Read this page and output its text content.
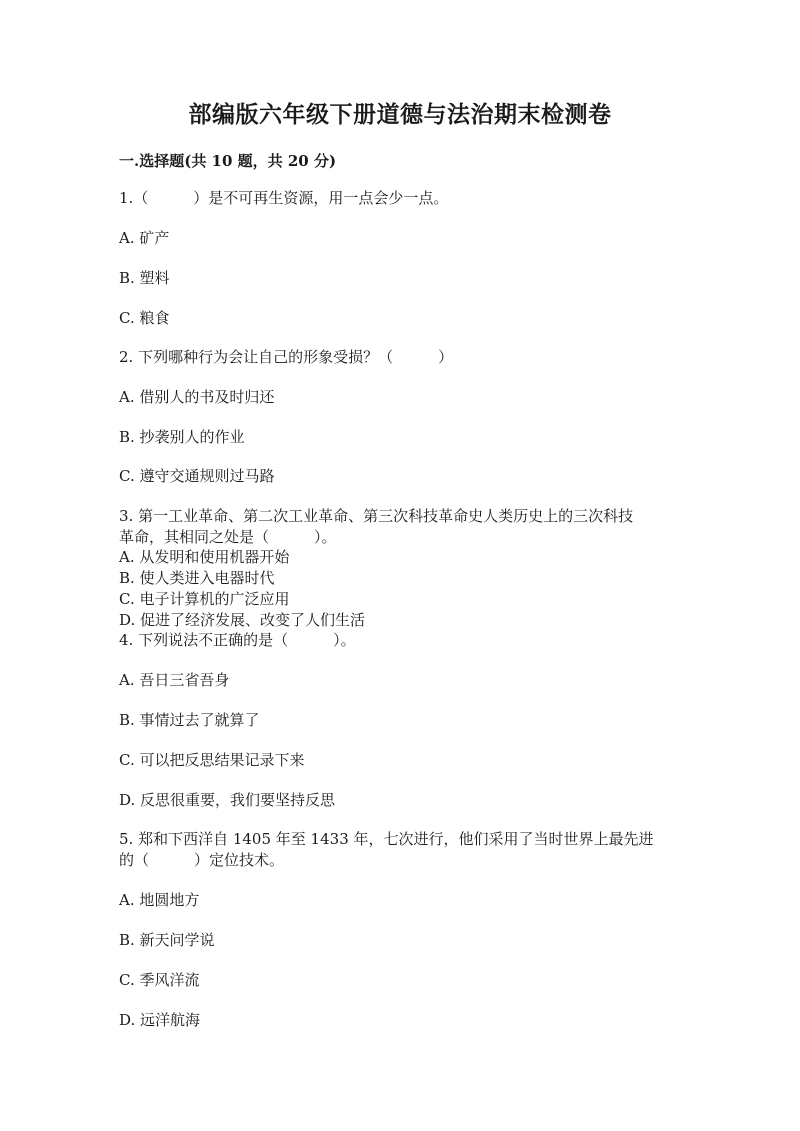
部编版六年级下册道德与法治期末检测卷
一.选择题(共 10 题，共 20 分)
1.（　　　）是不可再生资源，用一点会少一点。
A. 矿产
B. 塑料
C. 粮食
2. 下列哪种行为会让自己的形象受损？（　　　）
A. 借别人的书及时归还
B. 抄袭别人的作业
C. 遵守交通规则过马路
3. 第一工业革命、第二次工业革命、第三次科技革命史人类历史上的三次科技
革命，其相同之处是（　　　）。
A. 从发明和使用机器开始
B. 使人类进入电器时代
C. 电子计算机的广泛应用
D. 促进了经济发展、改变了人们生活
4. 下列说法不正确的是（　　　）。
A. 吾日三省吾身
B. 事情过去了就算了
C. 可以把反思结果记录下来
D. 反思很重要，我们要坚持反思
5. 郑和下西洋自 1405 年至 1433 年，七次进行，他们采用了当时世界上最先进
的（　　　）定位技术。
A. 地圆地方
B. 新天问学说
C. 季风洋流
D. 远洋航海
